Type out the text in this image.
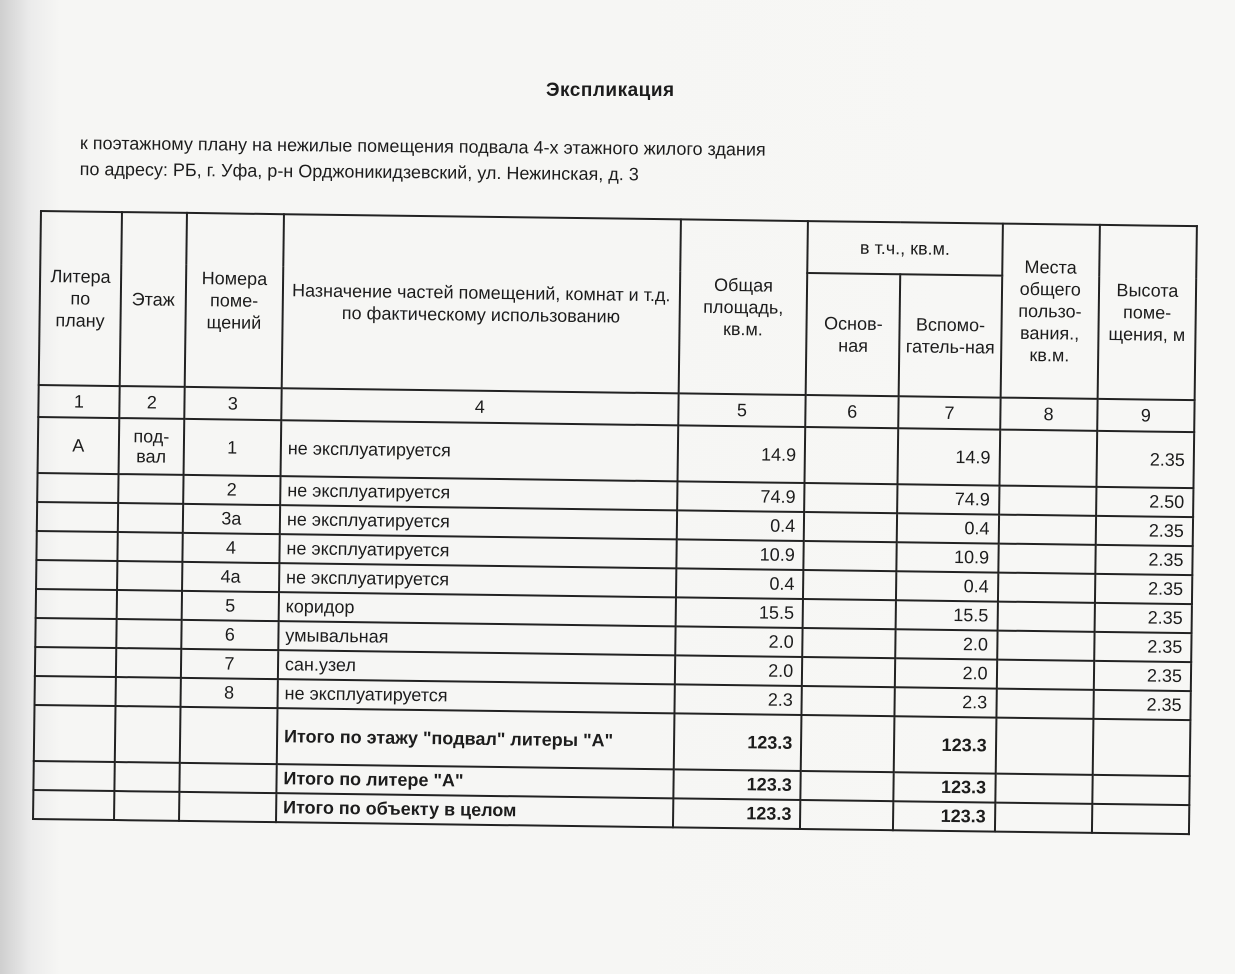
Экспликация
к поэтажному плану на нежилые помещения подвала 4-х этажного жилого здания
по адресу: РБ, г. Уфа, р-н Орджоникидзевский, ул. Нежинская, д. 3
Литера по плану	Этаж	Номера поме-щений	Назначение частей помещений, комнат и т.д. по фактическому использованию	Общая площадь, кв.м.	в т.ч., кв.м.		Места общего пользо-вания., кв.м.	Высота поме-щения, м
					Основ-ная	Вспомо-гатель-ная		
1	2	3	4	5	6	7	8	9
А	под-вал	1	не эксплуатируется	14.9		14.9		2.35
		2	не эксплуатируется	74.9		74.9		2.50
		3а	не эксплуатируется	0.4		0.4		2.35
		4	не эксплуатируется	10.9		10.9		2.35
		4а	не эксплуатируется	0.4		0.4		2.35
		5	коридор	15.5		15.5		2.35
		6	умывальная	2.0		2.0		2.35
		7	сан.узел	2.0		2.0		2.35
		8	не эксплуатируется	2.3		2.3		2.35
			Итого по этажу "подвал" литеры "А"	123.3		123.3		
			Итого по литере "А"	123.3		123.3		
			Итого по объекту в целом	123.3		123.3		
